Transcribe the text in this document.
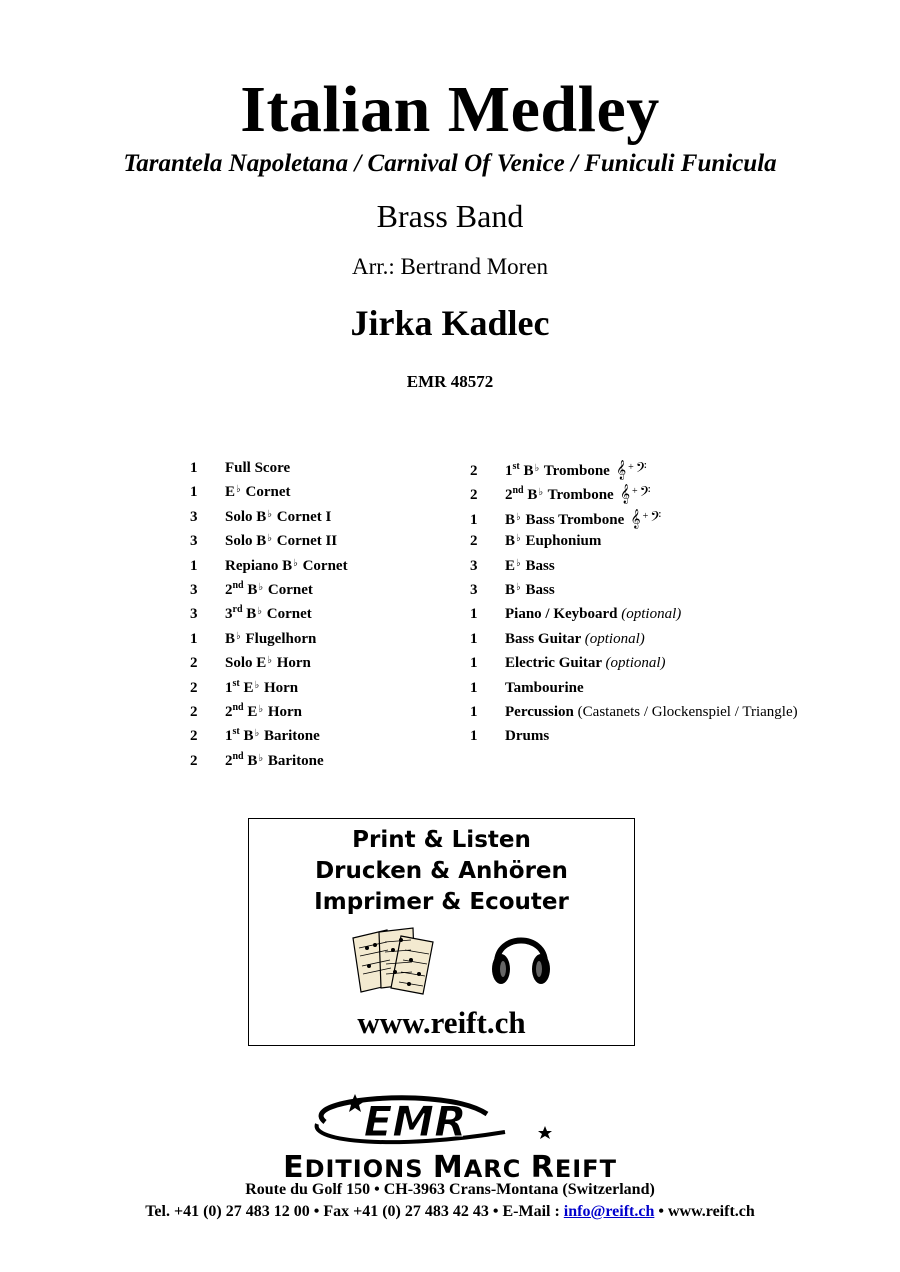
Italian Medley
Tarantela Napoletana / Carnival Of Venice / Funiculi Funicula
Brass Band
Arr.: Bertrand Moren
Jirka Kadlec
EMR 48572
1 Full Score
1 E♭ Cornet
3 Solo B♭ Cornet I
3 Solo B♭ Cornet II
1 Repiano B♭ Cornet
3 2nd B♭ Cornet
3 3rd B♭ Cornet
1 B♭ Flugelhorn
2 Solo E♭ Horn
2 1st E♭ Horn
2 2nd E♭ Horn
2 1st B♭ Baritone
2 2nd B♭ Baritone
2 1st B♭ Trombone 𝄞 + 𝄢
2 2nd B♭ Trombone 𝄞 + 𝄢
1 B♭ Bass Trombone 𝄞 + 𝄢
2 B♭ Euphonium
3 E♭ Bass
3 B♭ Bass
1 Piano / Keyboard (optional)
1 Bass Guitar (optional)
1 Electric Guitar (optional)
1 Tambourine
1 Percussion (Castanets / Glockenspiel / Triangle)
1 Drums
Print & Listen
Drucken & Anhören
Imprimer & Ecouter
www.reift.ch
EMR
EDITIONS MARC REIFT
Route du Golf 150 • CH-3963 Crans-Montana (Switzerland)
Tel. +41 (0) 27 483 12 00 • Fax +41 (0) 27 483 42 43 • E-Mail : info@reift.ch • www.reift.ch
